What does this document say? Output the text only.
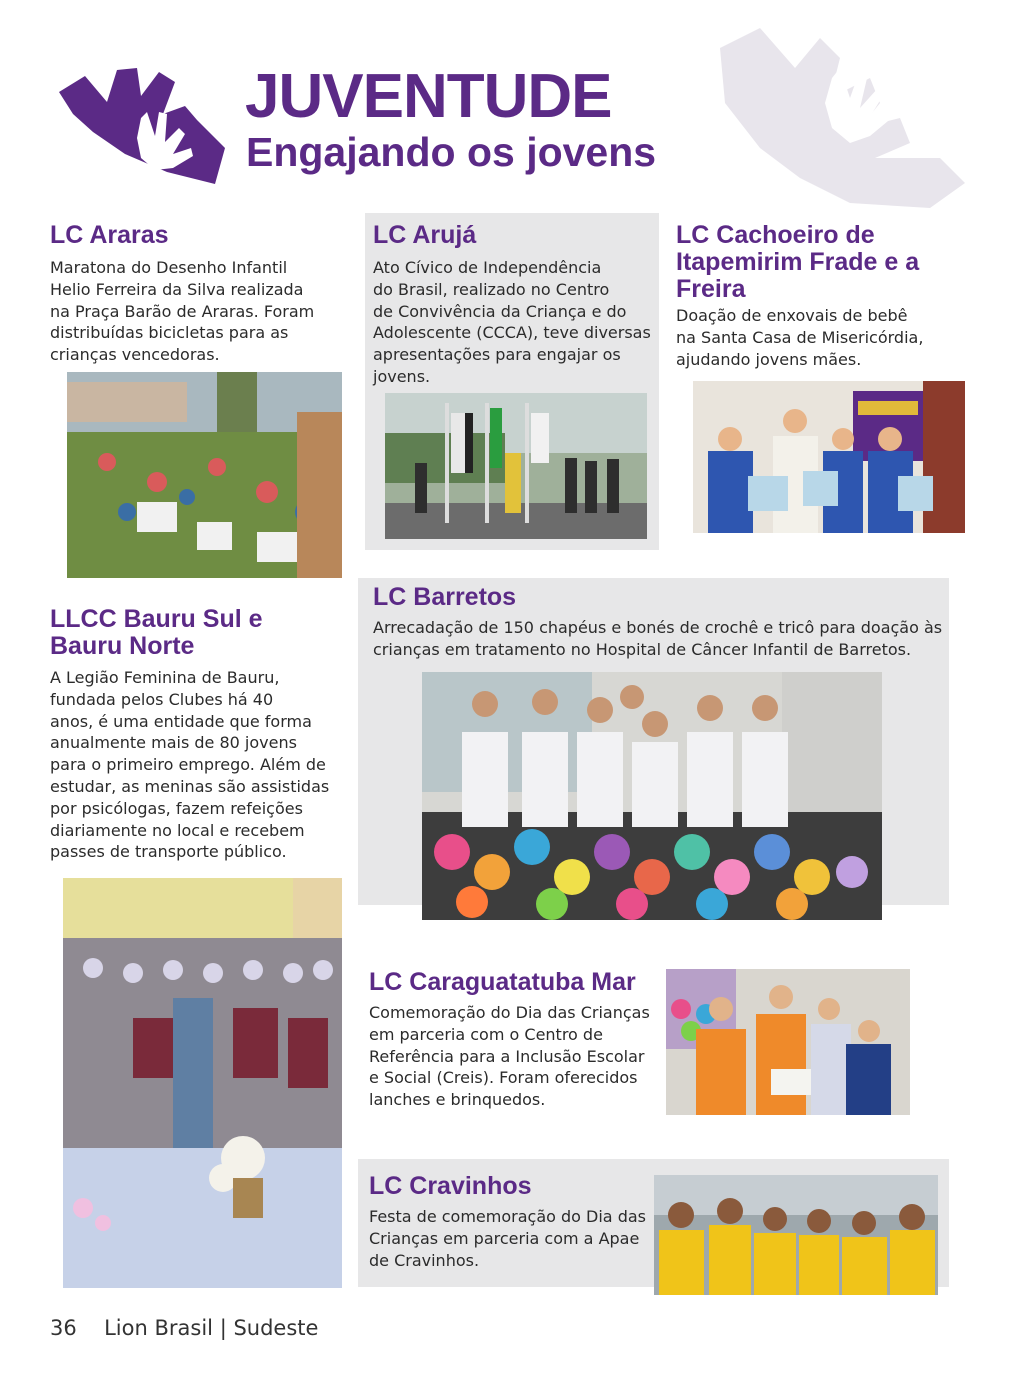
JUVENTUDE
Engajando os jovens
LC Araras

Maratona do Desenho Infantil

Helio Ferreira da Silva realizada

na Praça Barão de Araras. Foram

distribuídas bicicletas para as

crianças vencedoras.

LC Arujá

Ato Cívico de Independência

do Brasil, realizado no Centro

de Convivência da Criança e do

Adolescente (CCCA), teve diversas

apresentações para engajar os

jovens.

LC Cachoeiro de
Itapemirim Frade e a
Freira

Doação de enxovais de bebê

na Santa Casa de Misericórdia,

ajudando jovens mães.

LLCC Bauru Sul e
Bauru Norte

A Legião Feminina de Bauru,

fundada pelos Clubes há 40

anos, é uma entidade que forma

anualmente mais de 80 jovens

para o primeiro emprego. Além de

estudar, as meninas são assistidas

por psicólogas, fazem refeições

diariamente no local e recebem

passes de transporte público.

LC Barretos

Arrecadação de 150 chapéus e bonés de crochê e tricô para doação às

crianças em tratamento no Hospital de Câncer Infantil de Barretos.

LC Caraguatatuba Mar

Comemoração do Dia das Crianças

em parceria com o Centro de

Referência para a Inclusão Escolar

e Social (Creis). Foram oferecidos

lanches e brinquedos.

LC Cravinhos

Festa de comemoração do Dia das

Crianças em parceria com a Apae

de Cravinhos.

36 Lion Brasil | Sudeste
